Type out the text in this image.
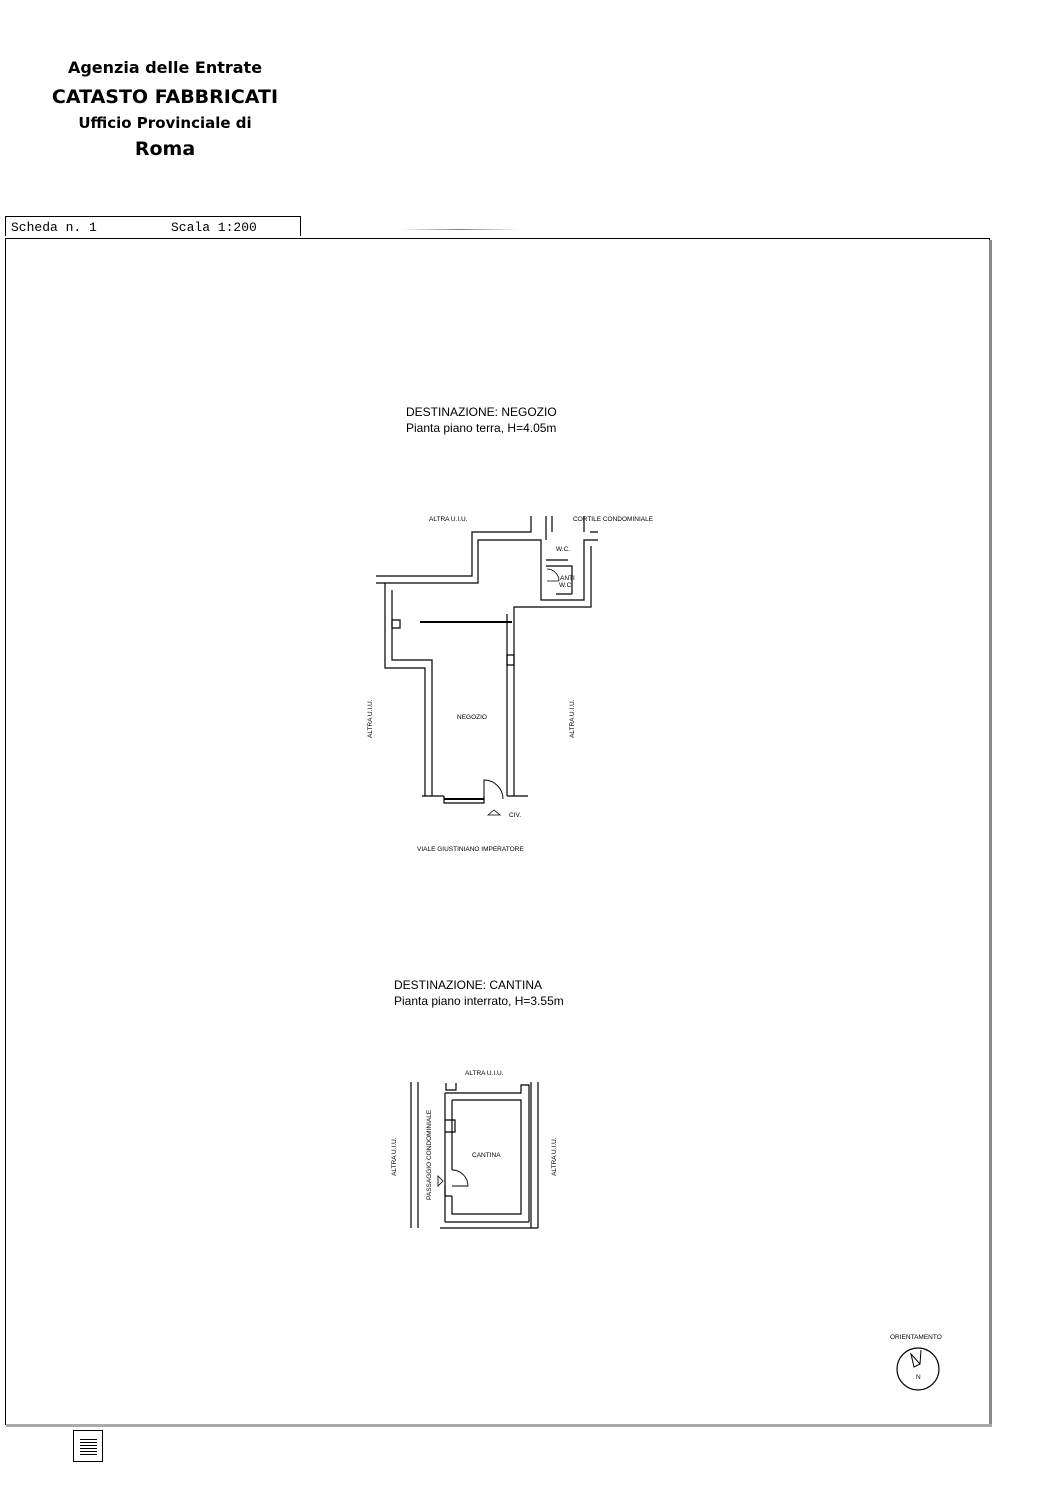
Agenzia delle Entrate
CATASTO FABBRICATI
Ufficio Provinciale di
Roma
Scheda n. 1	Scala 1:200
DESTINAZIONE: NEGOZIO
Pianta piano terra, H=4.05m
DESTINAZIONE: CANTINA
Pianta piano interrato, H=3.55m
ALTRA U.I.U.	CORTILE CONDOMINIALE
W.C.
ANTI
W.C.
ALTRA U.I.U.	ALTRA U.I.U.
NEGOZIO
CIV.
VIALE GIUSTINIANO IMPERATORE
ALTRA U.I.U.
ALTRA U.I.U.	PASSAGGIO CONDOMINIALE	CANTINA	ALTRA U.I.U.
ORIENTAMENTO
N
